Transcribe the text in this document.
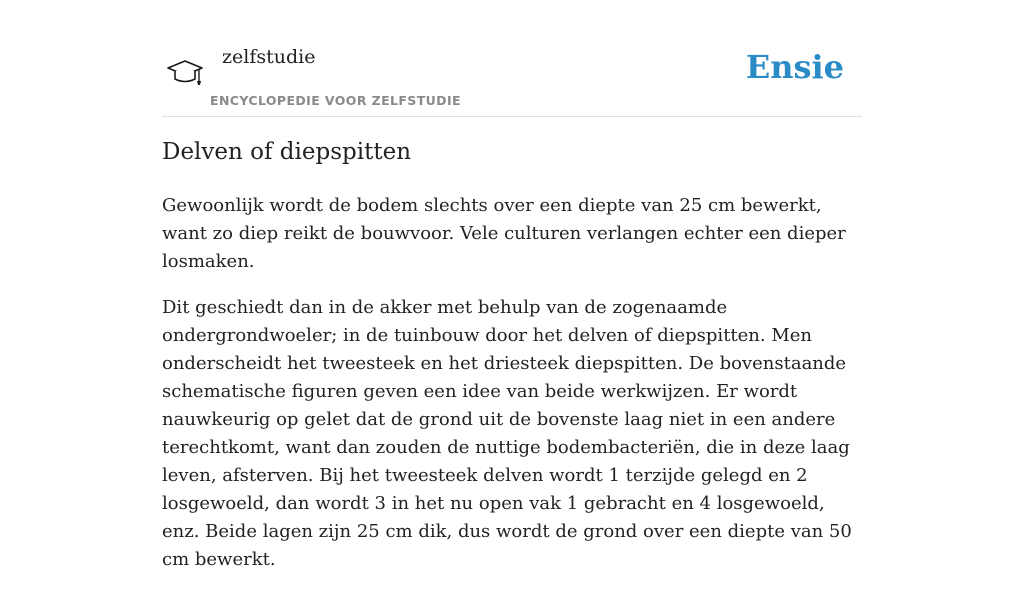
zelfstudie
ENCYCLOPEDIE VOOR ZELFSTUDIE
Ensie
Delven of diepspitten

Gewoonlijk wordt de bodem slechts over een diepte van 25 cm bewerkt, want zo diep reikt de bouwvoor. Vele culturen verlangen echter een dieper losmaken.

Dit geschiedt dan in de akker met behulp van de zogenaamde ondergrondwoeler; in de tuinbouw door het delven of diepspitten. Men onderscheidt het tweesteek en het driesteek diepspitten. De bovenstaande schematische figuren geven een idee van beide werkwijzen. Er wordt nauwkeurig op gelet dat de grond uit de bovenste laag niet in een andere terechtkomt, want dan zouden de nuttige bodembacteriën, die in deze laag leven, afsterven. Bij het tweesteek delven wordt 1 terzijde gelegd en 2 losgewoeld, dan wordt 3 in het nu open vak 1 gebracht en 4 losgewoeld, enz. Beide lagen zijn 25 cm dik, dus wordt de grond over een diepte van 50 cm bewerkt.
